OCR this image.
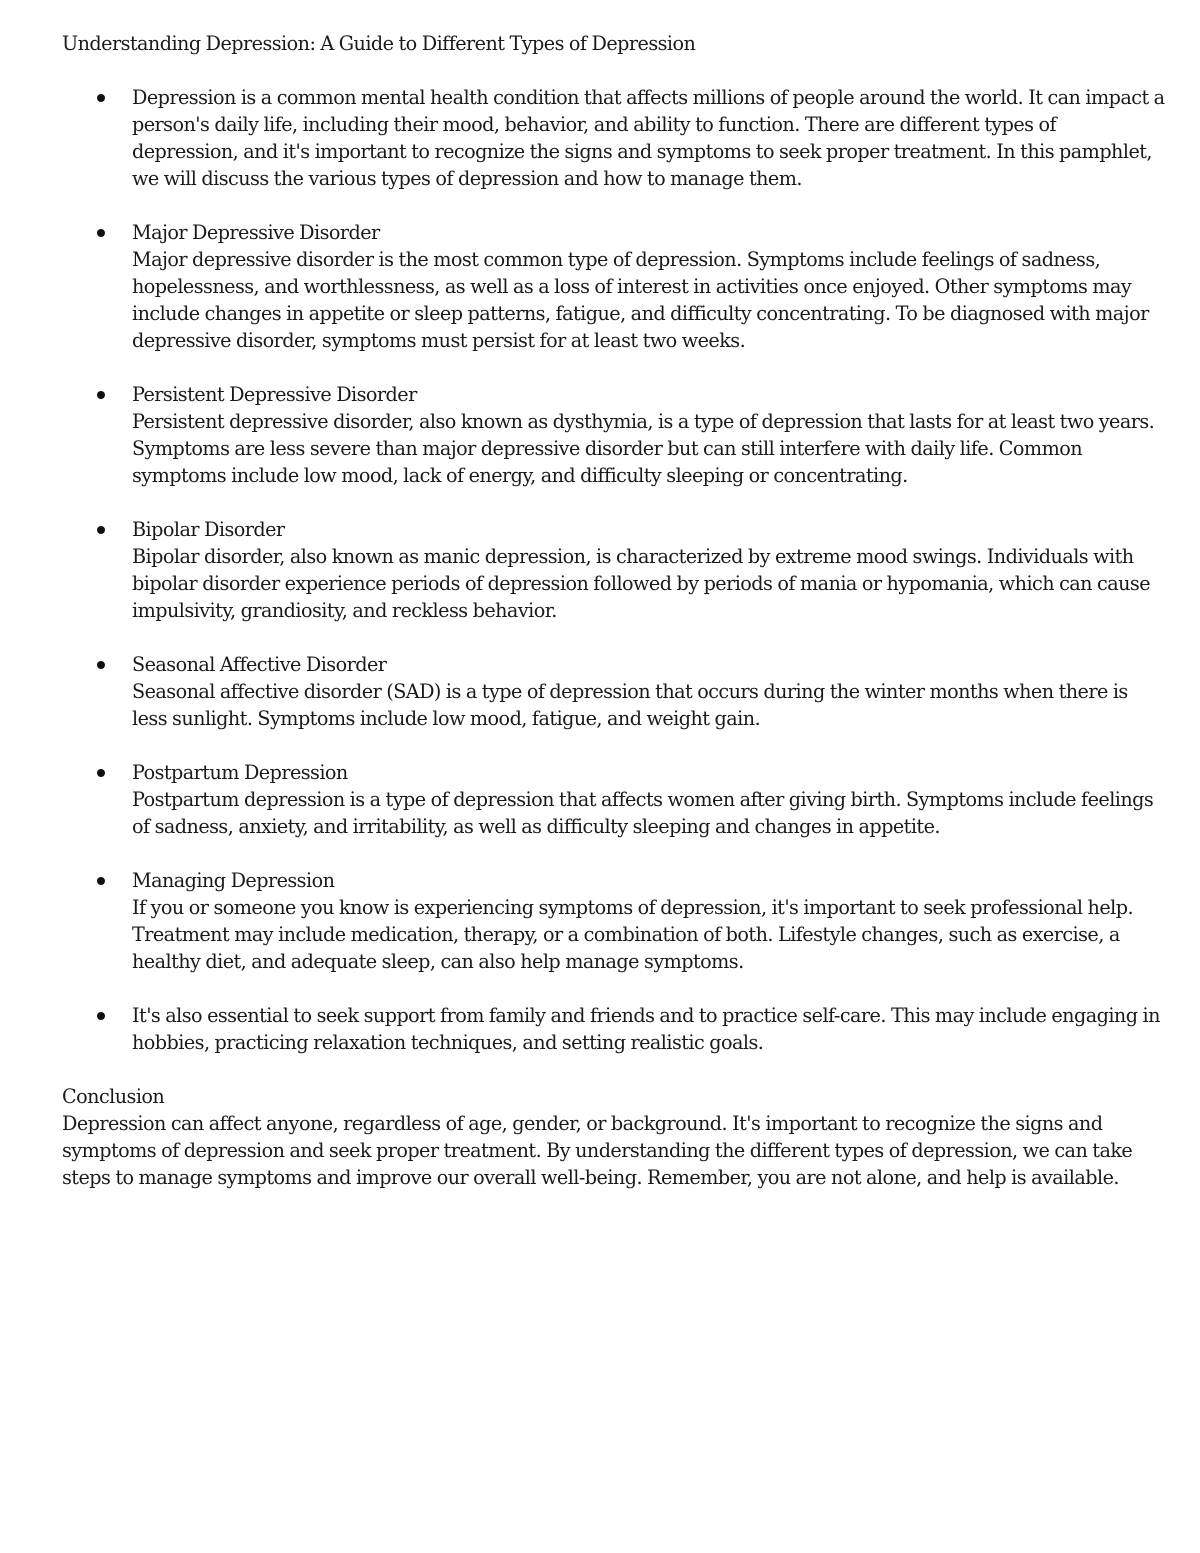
Understanding Depression: A Guide to Different Types of Depression

Depression is a common mental health condition that affects millions of people around the world. It can impact a person's daily life, including their mood, behavior, and ability to function. There are different types of depression, and it's important to recognize the signs and symptoms to seek proper treatment. In this pamphlet, we will discuss the various types of depression and how to manage them.
Major Depressive Disorder
Major depressive disorder is the most common type of depression. Symptoms include feelings of sadness, hopelessness, and worthlessness, as well as a loss of interest in activities once enjoyed. Other symptoms may include changes in appetite or sleep patterns, fatigue, and difficulty concentrating. To be diagnosed with major depressive disorder, symptoms must persist for at least two weeks.
Persistent Depressive Disorder
Persistent depressive disorder, also known as dysthymia, is a type of depression that lasts for at least two years. Symptoms are less severe than major depressive disorder but can still interfere with daily life. Common symptoms include low mood, lack of energy, and difficulty sleeping or concentrating.
Bipolar Disorder
Bipolar disorder, also known as manic depression, is characterized by extreme mood swings. Individuals with bipolar disorder experience periods of depression followed by periods of mania or hypomania, which can cause impulsivity, grandiosity, and reckless behavior.
Seasonal Affective Disorder
Seasonal affective disorder (SAD) is a type of depression that occurs during the winter months when there is less sunlight. Symptoms include low mood, fatigue, and weight gain.
Postpartum Depression
Postpartum depression is a type of depression that affects women after giving birth. Symptoms include feelings of sadness, anxiety, and irritability, as well as difficulty sleeping and changes in appetite.
Managing Depression
If you or someone you know is experiencing symptoms of depression, it's important to seek professional help. Treatment may include medication, therapy, or a combination of both. Lifestyle changes, such as exercise, a healthy diet, and adequate sleep, can also help manage symptoms.
It's also essential to seek support from family and friends and to practice self-care. This may include engaging in hobbies, practicing relaxation techniques, and setting realistic goals.
Conclusion
Depression can affect anyone, regardless of age, gender, or background. It's important to recognize the signs and symptoms of depression and seek proper treatment. By understanding the different types of depression, we can take steps to manage symptoms and improve our overall well-being. Remember, you are not alone, and help is available.
